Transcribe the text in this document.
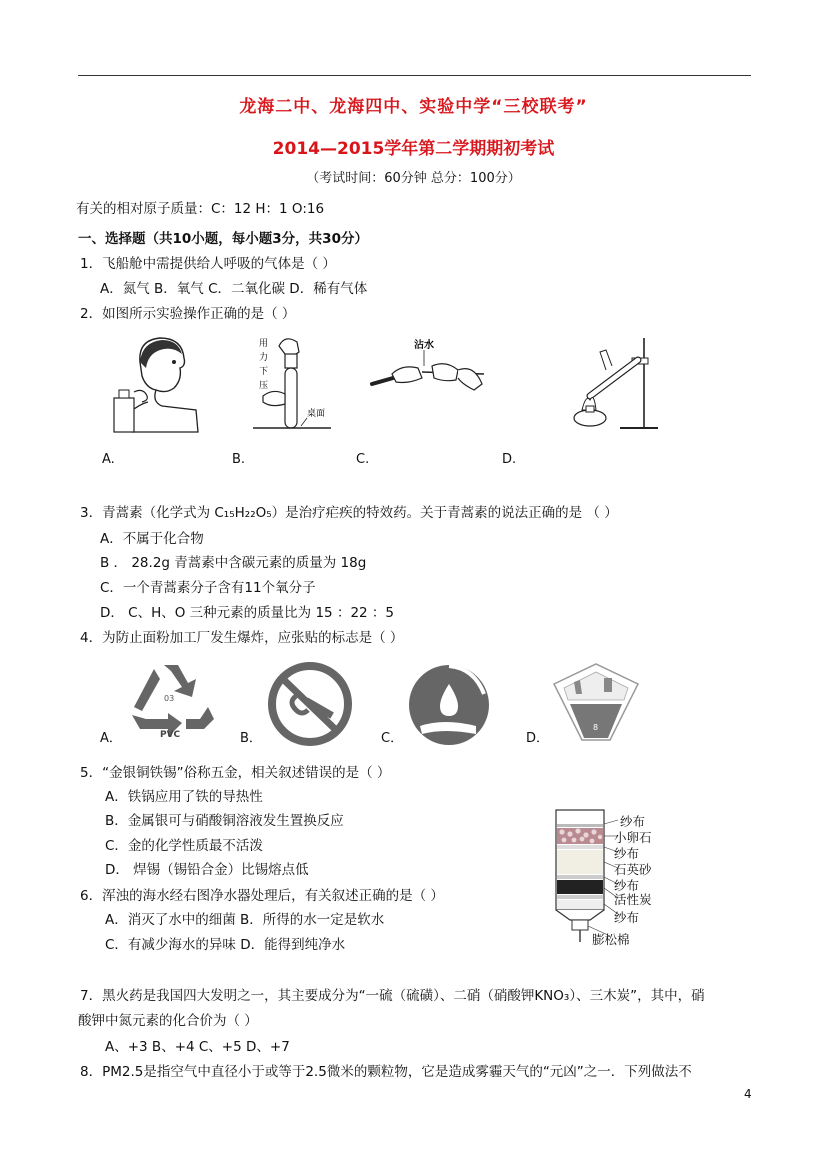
龙海二中、龙海四中、实验中学“三校联考”
2014—2015学年第二学期期初考试
（考试时间：60分钟 总分：100分）
有关的相对原子质量：C：12 H：1 O:16
一、选择题（共10小题，每小题3分，共30分）
1．飞船舱中需提供给人呼吸的气体是（ ）
A．氮气 B．氧气 C．二氧化碳 D．稀有气体
2．如图所示实验操作正确的是（ ）
用
力
下
压
桌面
沾水
A.	B.	C.	D.
3．青蒿素（化学式为 C₁₅H₂₂O₅）是治疗疟疾的特效药。关于青蒿素的说法正确的是 （ ）
A．不属于化合物
B ． 28.2g 青蒿素中含碳元素的质量为 18g
C．一个青蒿素分子含有11个氧分子
D． C、H、O 三种元素的质量比为 15 ：22 ：5
4．为防止面粉加工厂发生爆炸，应张贴的标志是（ ）
03
PVC
8
A．	B．	C．	D．
5．“金银铜铁锡”俗称五金，相关叙述错误的是（ ）
A．铁锅应用了铁的导热性
B．金属银可与硝酸铜溶液发生置换反应
C．金的化学性质最不活泼
D． 焊锡（锡铅合金）比锡熔点低
6．浑浊的海水经右图净水器处理后，有关叙述正确的是（ ）
A．消灭了水中的细菌 B．所得的水一定是软水
C．有减少海水的异味 D．能得到纯净水
纱布
小卵石
纱布
石英砂
纱布
活性炭
纱布
膨松棉
7．黑火药是我国四大发明之一，其主要成分为“一硫（硫磺）、二硝（硝酸钾KNO₃）、三木炭”，其中，硝
酸钾中氮元素的化合价为（ ）
A、+3 B、+4 C、+5 D、+7
8．PM2.5是指空气中直径小于或等于2.5微米的颗粒物，它是造成雾霾天气的“元凶”之一．下列做法不
4
